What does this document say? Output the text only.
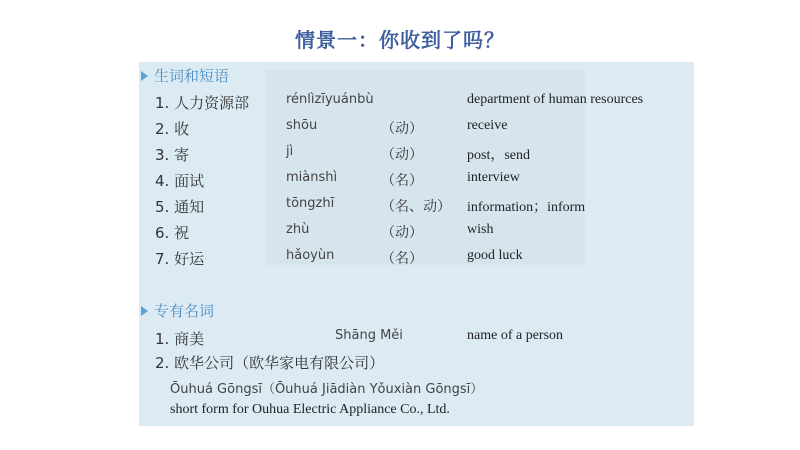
情景一：你收到了吗？
生词和短语
1. 人力资源部	rénlìzīyuánbù	department of human resources
2. 收	shōu	（动）	receive
3. 寄	jì	（动）	post，send
4. 面试	miànshì	（名）	interview
5. 通知	tōngzhī	（名、动） information；inform
6. 祝	zhù	（动）	wish
7. 好运	hǎoyùn	（名）	good luck
专有名词
1. 商美	Shāng Měi	name of a person
2. 欧华公司（欧华家电有限公司）
Ōuhuá Gōngsī（Ōuhuá Jiādiàn Yǒuxiàn Gōngsī）
short form for Ouhua Electric Appliance Co., Ltd.
